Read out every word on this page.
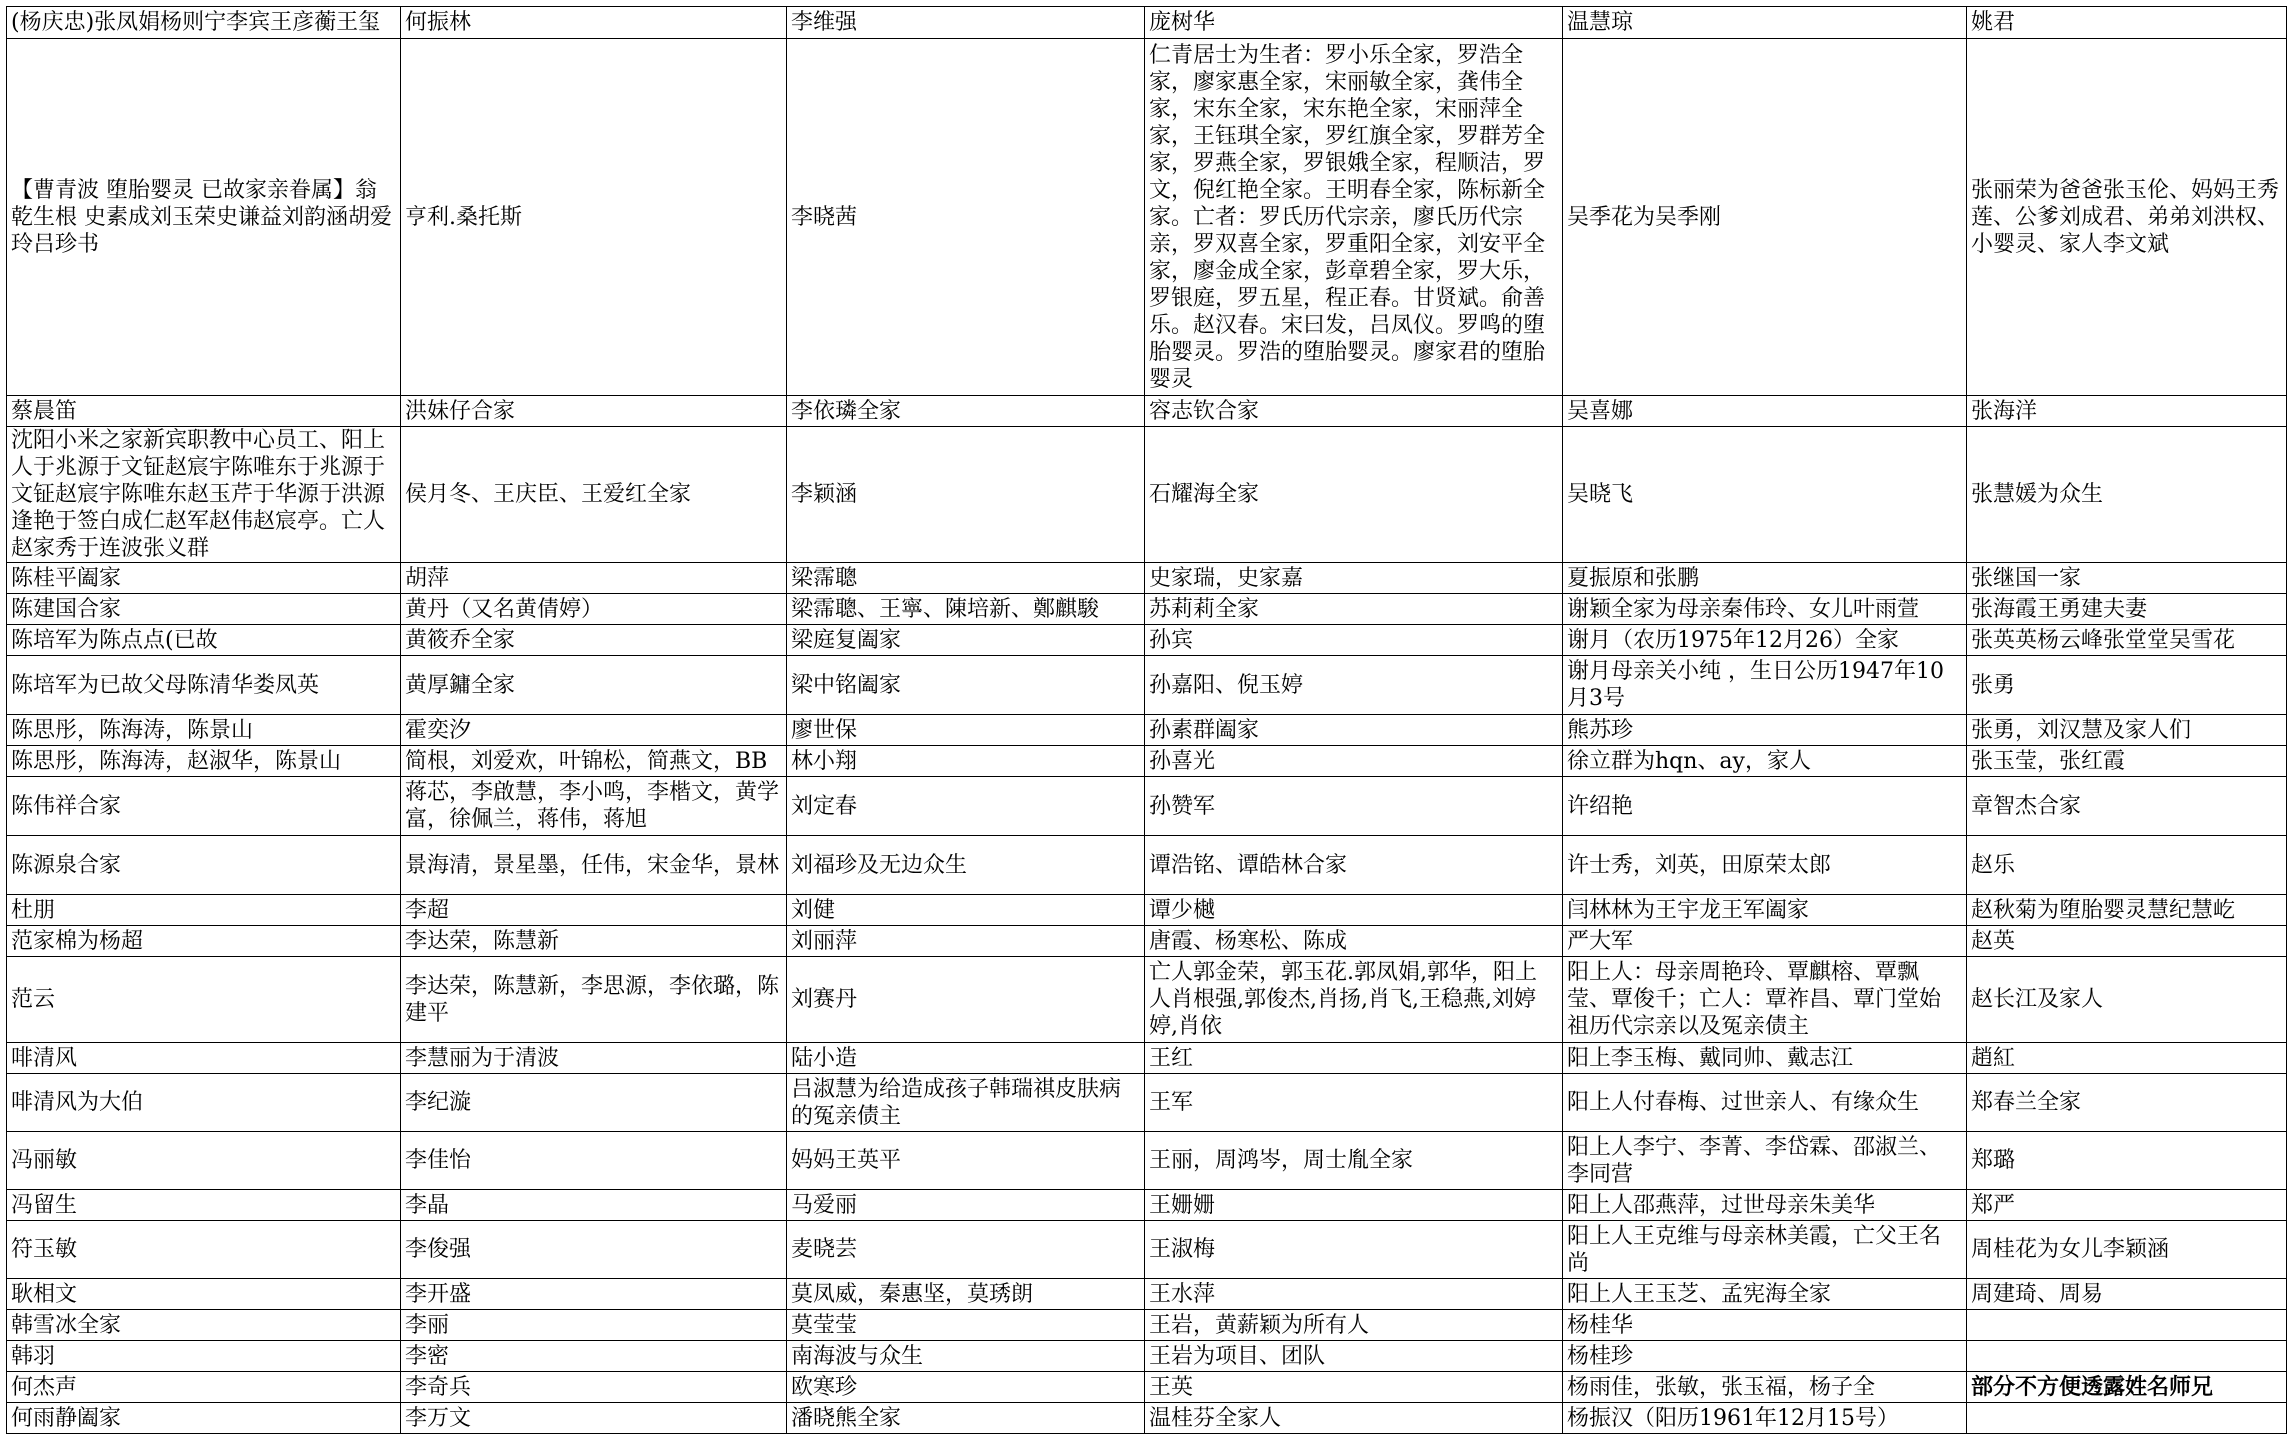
(杨庆忠)张凤娟杨则宁李宾王彦蘅王玺	何振林	李维强	庞树华	温慧琼	姚君
【曹青波 堕胎婴灵 已故家亲眷属】翁乾生根 史素成刘玉荣史谦益刘韵涵胡爱玲吕珍书	亨利.桑托斯	李晓茜	仁青居士为生者：罗小乐全家，罗浩全家，廖家惠全家，宋丽敏全家，龚伟全家，宋东全家，宋东艳全家，宋丽萍全家，王钰琪全家，罗红旗全家，罗群芳全家，罗燕全家，罗银娥全家，程顺洁，罗文，倪红艳全家。王明春全家，陈标新全家。亡者：罗氏历代宗亲，廖氏历代宗亲，罗双喜全家，罗重阳全家，刘安平全家，廖金成全家，彭章碧全家，罗大乐，罗银庭，罗五星，程正春。甘贤斌。俞善乐。赵汉春。宋曰发，吕凤仪。罗鸣的堕胎婴灵。罗浩的堕胎婴灵。廖家君的堕胎婴灵	吴季花为吴季刚	张丽荣为爸爸张玉伦、妈妈王秀莲、公爹刘成君、弟弟刘洪权、小婴灵、家人李文斌
蔡晨笛	洪妹仔合家	李依璘全家	容志钦合家	吴喜娜	张海洋
沈阳小米之家新宾职教中心员工、阳上人于兆源于文钲赵宸宇陈唯东于兆源于文钲赵宸宇陈唯东赵玉芹于华源于洪源逢艳于签白成仁赵军赵伟赵宸亭。亡人赵家秀于连波张义群	侯月冬、王庆臣、王爱红全家	李颖涵	石耀海全家	吴晓飞	张慧媛为众生
陈桂平阖家	胡萍	梁霈聰	史家瑞，史家嘉	夏振原和张鹏	张继国一家
陈建国合家	黄丹（又名黄倩婷）	梁霈聰、王寧、陳培新、鄭麒駿	苏莉莉全家	谢颖全家为母亲秦伟玲、女儿叶雨萱	张海霞王勇建夫妻
陈培军为陈点点(已故	黄筱乔全家	梁庭复阖家	孙宾	谢月（农历1975年12月26）全家	张英英杨云峰张堂堂吴雪花
陈培军为已故父母陈清华娄凤英	黄厚鏞全家	梁中铭阖家	孙嘉阳、倪玉婷	谢月母亲关小纯 ，生日公历1947年10月3号	张勇
陈思彤，陈海涛，陈景山	霍奕汐	廖世保	孙素群阖家	熊苏珍	张勇，刘汉慧及家人们
陈思彤，陈海涛，赵淑华，陈景山	简根，刘爱欢，叶锦松，简燕文，BB	林小翔	孙喜光	徐立群为hqn、ay，家人	张玉莹，张红霞
陈伟祥合家	蒋芯，李啟慧，李小鸣，李楷文，黄学富，徐佩兰，蒋伟，蒋旭	刘定春	孙赞军	许绍艳	章智杰合家
陈源泉合家	景海清，景星墨，任伟，宋金华，景林	刘福珍及无边众生	谭浩铭、谭皓林合家	许士秀，刘英，田原荣太郎	赵乐
杜朋	李超	刘健	谭少樾	闫林林为王宇龙王军阖家	赵秋菊为堕胎婴灵慧纪慧屹
范家棉为杨超	李达荣，陈慧新	刘丽萍	唐霞、杨寒松、陈成	严大军	赵英
范云	李达荣，陈慧新，李思源，李依璐，陈建平	刘赛丹	亡人郭金荣，郭玉花.郭凤娟,郭华，阳上人肖根强,郭俊杰,肖扬,肖飞,王稳燕,刘婷婷,肖依	阳上人：母亲周艳玲、覃麒榕、覃飘莹、覃俊千；亡人：覃祚昌、覃门堂始祖历代宗亲以及冤亲债主	赵长江及家人
啡清风	李慧丽为于清波	陆小造	王红	阳上李玉梅、戴同帅、戴志江	趙紅
啡清风为大伯	李纪漩	吕淑慧为给造成孩子韩瑞祺皮肤病的冤亲债主	王军	阳上人付春梅、过世亲人、有缘众生	郑春兰全家
冯丽敏	李佳怡	妈妈王英平	王丽，周鸿岑，周士胤全家	阳上人李宁、李菁、李岱霖、邵淑兰、李同营	郑璐
冯留生	李晶	马爱丽	王姗姗	阳上人邵燕萍，过世母亲朱美华	郑严
符玉敏	李俊强	麦晓芸	王淑梅	阳上人王克维与母亲林美霞，亡父王名尚	周桂花为女儿李颖涵
耿相文	李开盛	莫凤威，秦惠坚，莫琇朗	王水萍	阳上人王玉芝、孟宪海全家	周建琦、周易
韩雪冰全家	李丽	莫莹莹	王岩，黄薪颖为所有人	杨桂华	
韩羽	李密	南海波与众生	王岩为项目、团队	杨桂珍	
何杰声	李奇兵	欧寒珍	王英	杨雨佳，张敏，张玉福，杨子全	部分不方便透露姓名师兄
何雨静阖家	李万文	潘晓熊全家	温桂芬全家人	杨振汉（阳历1961年12月15号）	
